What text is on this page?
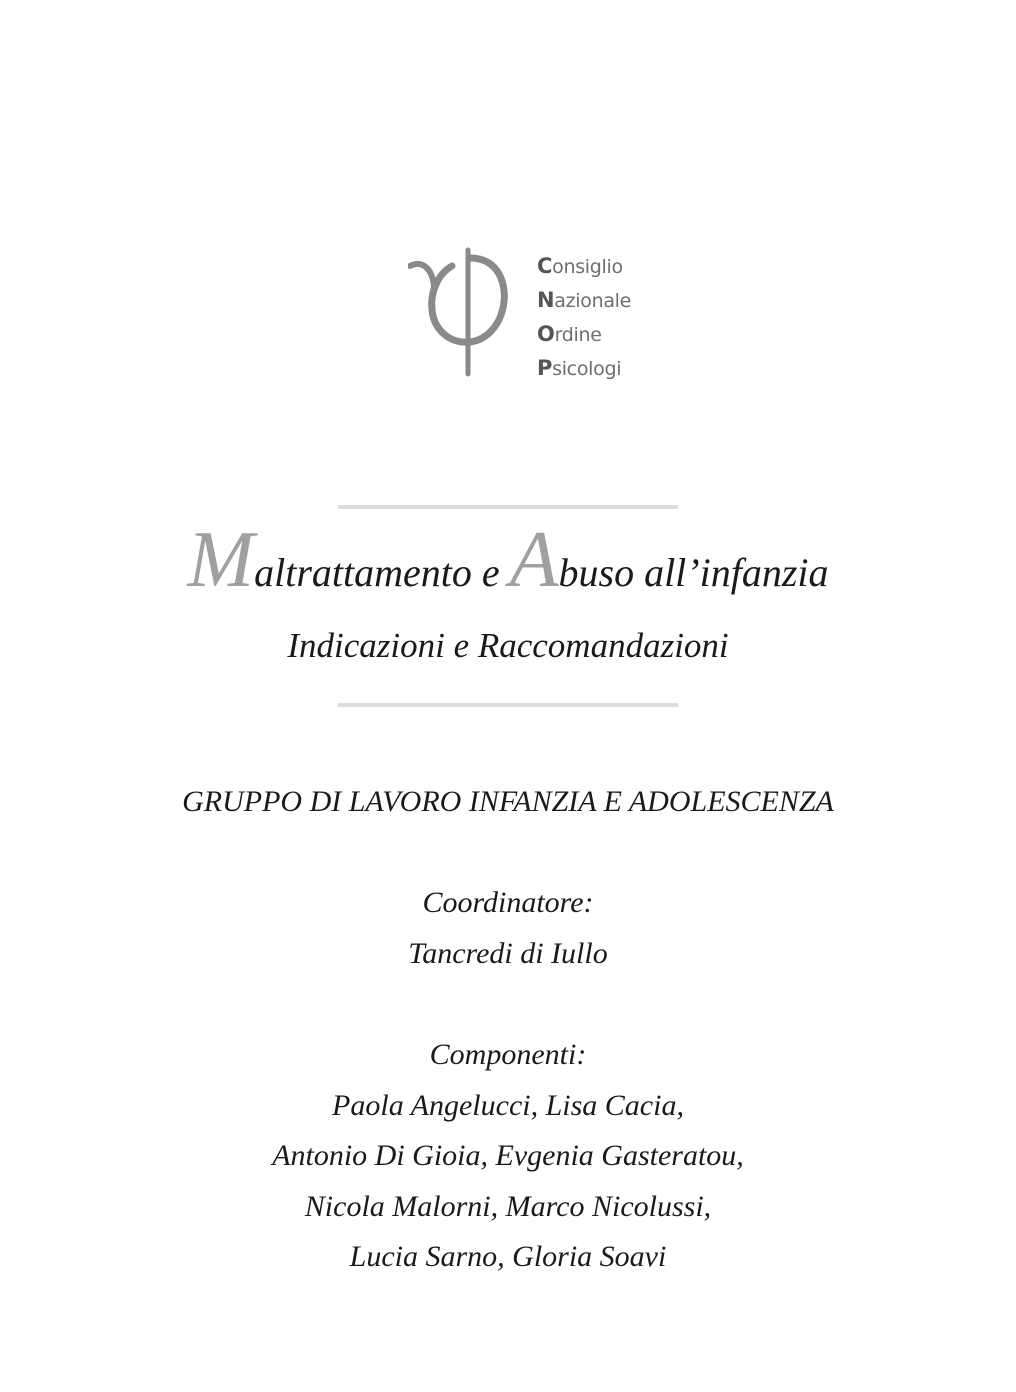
Consiglio
Nazionale
Ordine
Psicologi
Maltrattamento e Abuso all’infanzia
Indicazioni e Raccomandazioni
GRUPPO DI LAVORO INFANZIA E ADOLESCENZA
Coordinatore:
Tancredi di Iullo
Componenti:
Paola Angelucci, Lisa Cacia,
Antonio Di Gioia, Evgenia Gasteratou,
Nicola Malorni, Marco Nicolussi,
Lucia Sarno, Gloria Soavi
